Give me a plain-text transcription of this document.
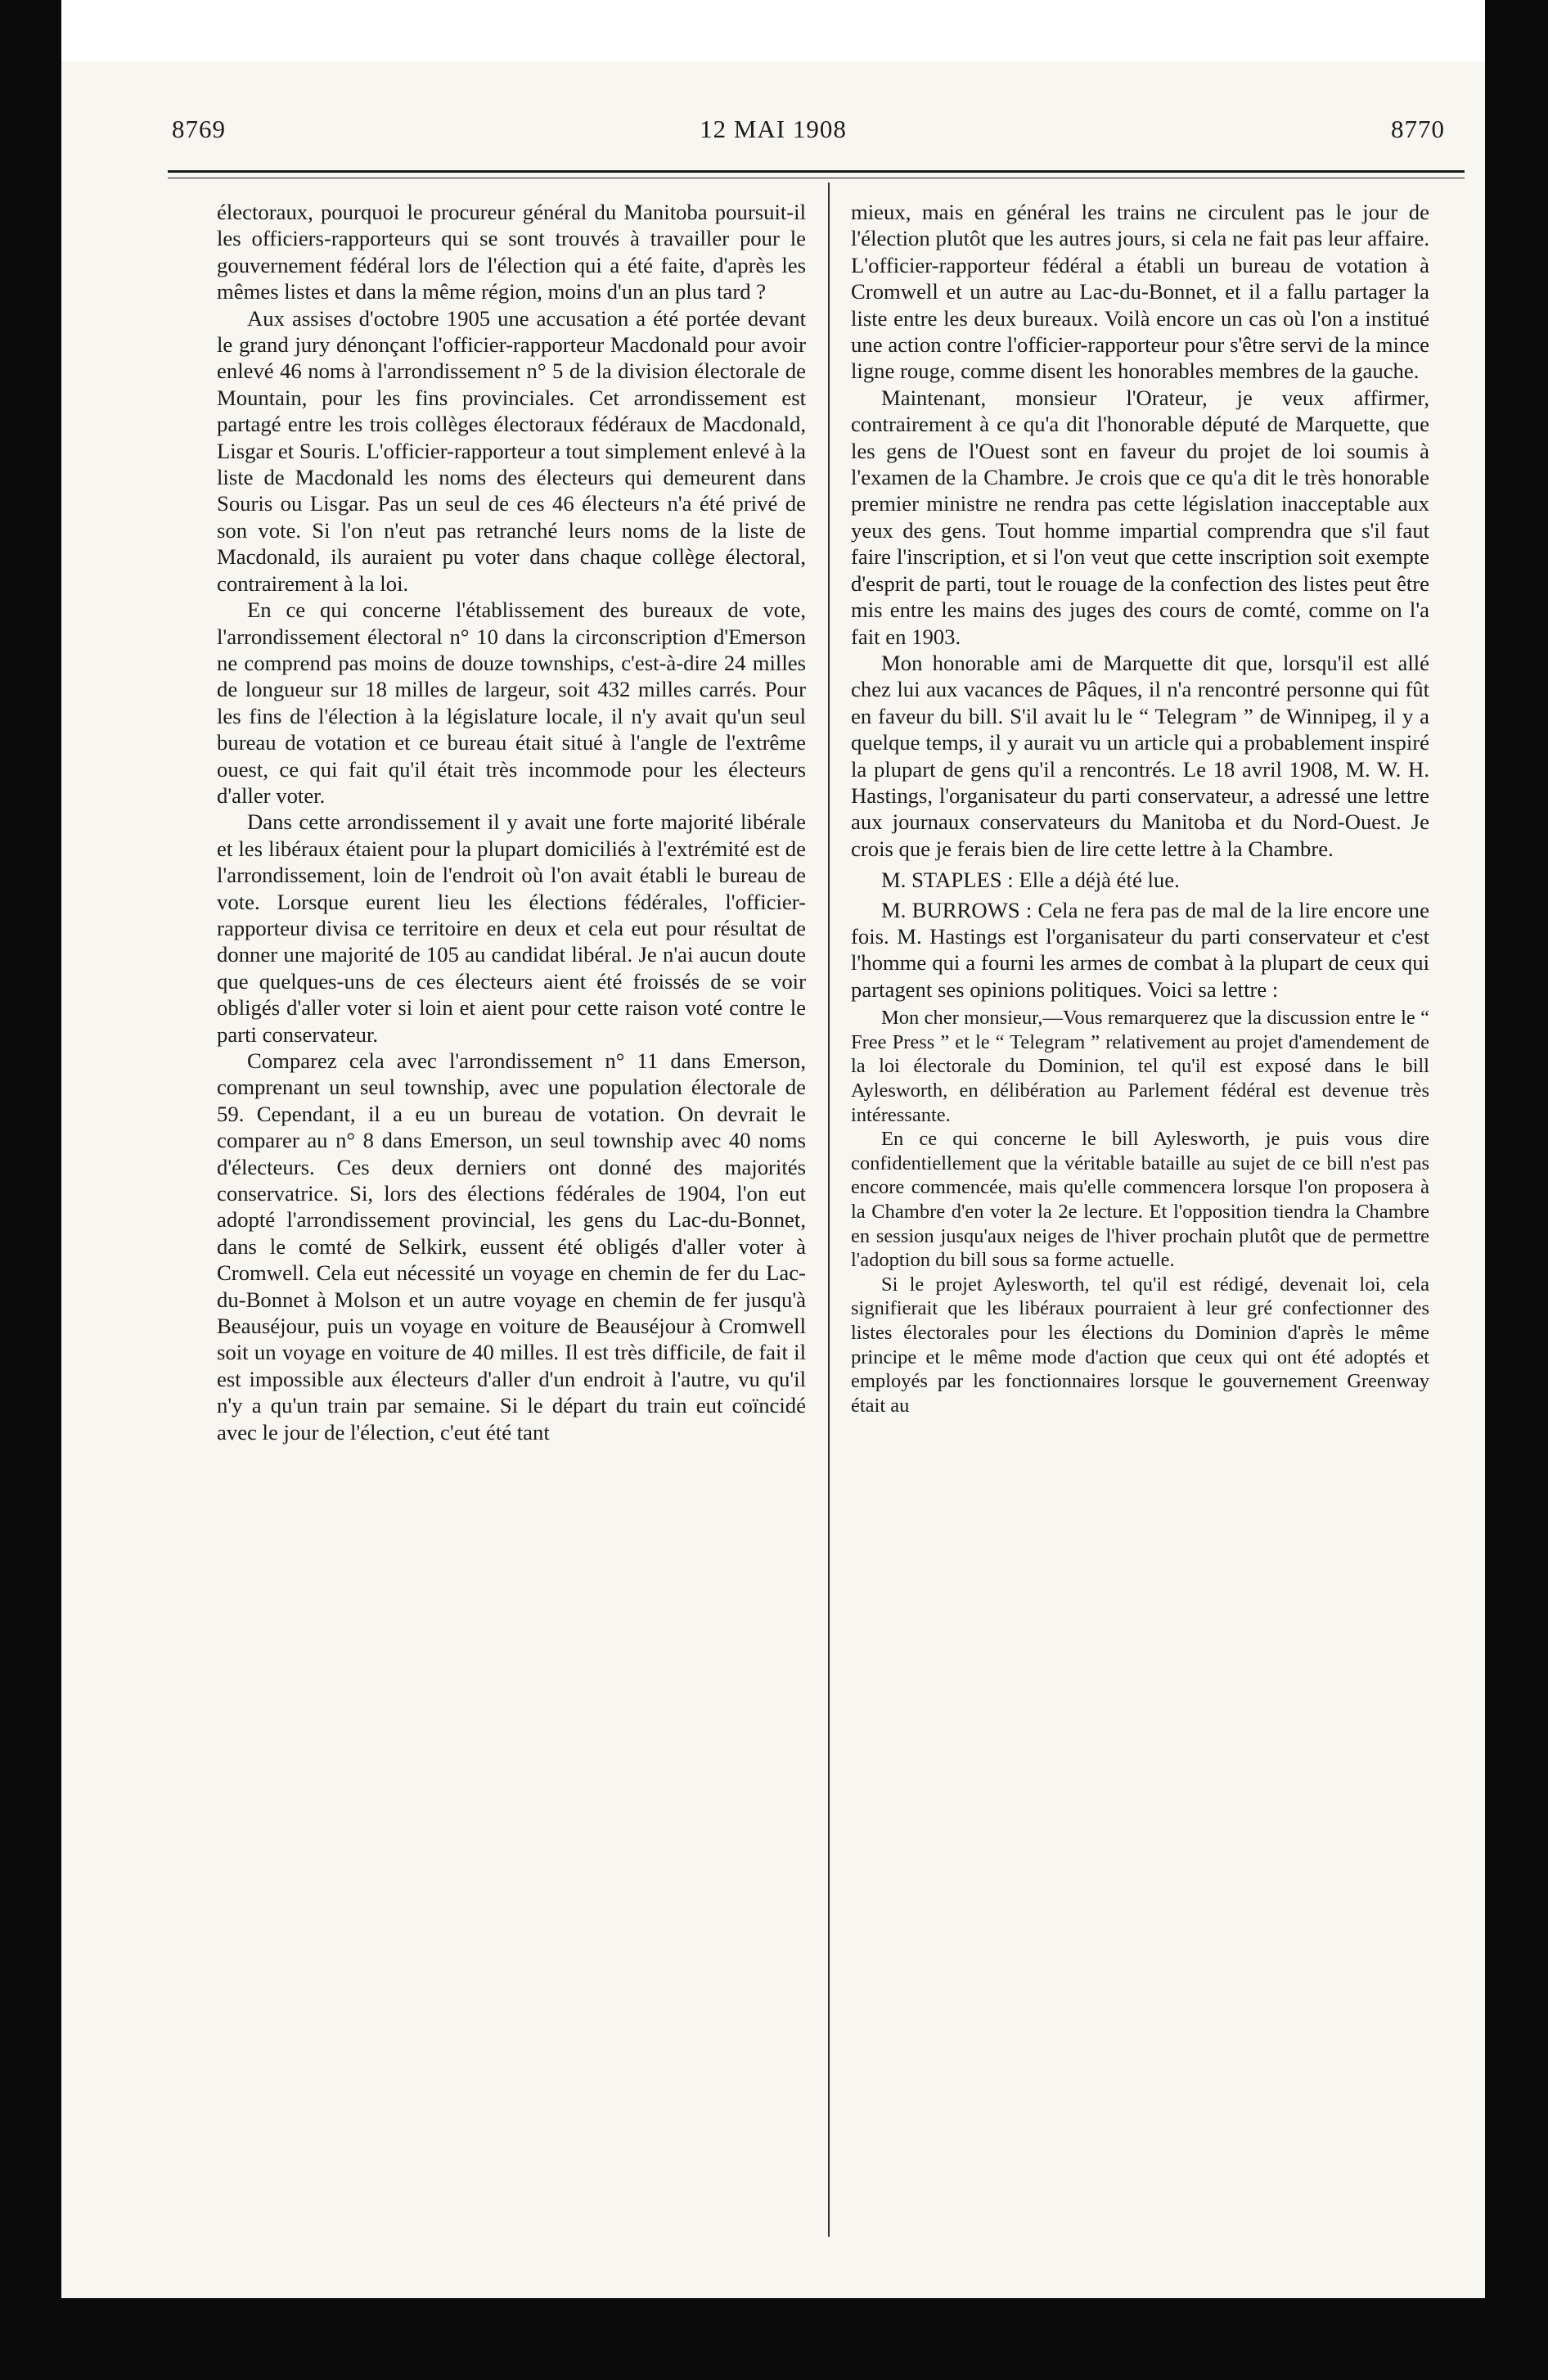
8769	12 MAI 1908	8770

électoraux, pourquoi le procureur général du Manitoba poursuit-il les officiers-rapporteurs qui se sont trouvés à travailler pour le gouvernement fédéral lors de l'élection qui a été faite, d'après les mêmes listes et dans la même région, moins d'un an plus tard ?

Aux assises d'octobre 1905 une accusation a été portée devant le grand jury dénonçant l'officier-rapporteur Macdonald pour avoir enlevé 46 noms à l'arrondissement n° 5 de la division électorale de Mountain, pour les fins provinciales. Cet arrondissement est partagé entre les trois collèges électoraux fédéraux de Macdonald, Lisgar et Souris. L'officier-rapporteur a tout simplement enlevé à la liste de Macdonald les noms des électeurs qui demeurent dans Souris ou Lisgar. Pas un seul de ces 46 électeurs n'a été privé de son vote. Si l'on n'eut pas retranché leurs noms de la liste de Macdonald, ils auraient pu voter dans chaque collège électoral, contrairement à la loi.

En ce qui concerne l'établissement des bureaux de vote, l'arrondissement électoral n° 10 dans la circonscription d'Emerson ne comprend pas moins de douze townships, c'est-à-dire 24 milles de longueur sur 18 milles de largeur, soit 432 milles carrés. Pour les fins de l'élection à la législature locale, il n'y avait qu'un seul bureau de votation et ce bureau était situé à l'angle de l'extrême ouest, ce qui fait qu'il était très incommode pour les électeurs d'aller voter.

Dans cette arrondissement il y avait une forte majorité libérale et les libéraux étaient pour la plupart domiciliés à l'extrémité est de l'arrondissement, loin de l'endroit où l'on avait établi le bureau de vote. Lorsque eurent lieu les élections fédérales, l'officier-rapporteur divisa ce territoire en deux et cela eut pour résultat de donner une majorité de 105 au candidat libéral. Je n'ai aucun doute que quelques-uns de ces électeurs aient été froissés de se voir obligés d'aller voter si loin et aient pour cette raison voté contre le parti conservateur.

Comparez cela avec l'arrondissement n° 11 dans Emerson, comprenant un seul township, avec une population électorale de 59. Cependant, il a eu un bureau de votation. On devrait le comparer au n° 8 dans Emerson, un seul township avec 40 noms d'électeurs. Ces deux derniers ont donné des majorités conservatrice. Si, lors des élections fédérales de 1904, l'on eut adopté l'arrondissement provincial, les gens du Lac-du-Bonnet, dans le comté de Selkirk, eussent été obligés d'aller voter à Cromwell. Cela eut nécessité un voyage en chemin de fer du Lac-du-Bonnet à Molson et un autre voyage en chemin de fer jusqu'à Beauséjour, puis un voyage en voiture de Beauséjour à Cromwell soit un voyage en voiture de 40 milles. Il est très difficile, de fait il est impossible aux électeurs d'aller d'un endroit à l'autre, vu qu'il n'y a qu'un train par semaine. Si le départ du train eut coïncidé avec le jour de l'élection, c'eut été tant

mieux, mais en général les trains ne circulent pas le jour de l'élection plutôt que les autres jours, si cela ne fait pas leur affaire. L'officier-rapporteur fédéral a établi un bureau de votation à Cromwell et un autre au Lac-du-Bonnet, et il a fallu partager la liste entre les deux bureaux. Voilà encore un cas où l'on a institué une action contre l'officier-rapporteur pour s'être servi de la mince ligne rouge, comme disent les honorables membres de la gauche.

Maintenant, monsieur l'Orateur, je veux affirmer, contrairement à ce qu'a dit l'honorable député de Marquette, que les gens de l'Ouest sont en faveur du projet de loi soumis à l'examen de la Chambre. Je crois que ce qu'a dit le très honorable premier ministre ne rendra pas cette législation inacceptable aux yeux des gens. Tout homme impartial comprendra que s'il faut faire l'inscription, et si l'on veut que cette inscription soit exempte d'esprit de parti, tout le rouage de la confection des listes peut être mis entre les mains des juges des cours de comté, comme on l'a fait en 1903.

Mon honorable ami de Marquette dit que, lorsqu'il est allé chez lui aux vacances de Pâques, il n'a rencontré personne qui fût en faveur du bill. S'il avait lu le “ Telegram ” de Winnipeg, il y a quelque temps, il y aurait vu un article qui a probablement inspiré la plupart de gens qu'il a rencontrés. Le 18 avril 1908, M. W. H. Hastings, l'organisateur du parti conservateur, a adressé une lettre aux journaux conservateurs du Manitoba et du Nord-Ouest. Je crois que je ferais bien de lire cette lettre à la Chambre.

M. STAPLES : Elle a déjà été lue.

M. BURROWS : Cela ne fera pas de mal de la lire encore une fois. M. Hastings est l'organisateur du parti conservateur et c'est l'homme qui a fourni les armes de combat à la plupart de ceux qui partagent ses opinions politiques. Voici sa lettre :

Mon cher monsieur,—Vous remarquerez que la discussion entre le “ Free Press ” et le “ Telegram ” relativement au projet d'amendement de la loi électorale du Dominion, tel qu'il est exposé dans le bill Aylesworth, en délibération au Parlement fédéral est devenue très intéressante.

En ce qui concerne le bill Aylesworth, je puis vous dire confidentiellement que la véritable bataille au sujet de ce bill n'est pas encore commencée, mais qu'elle commencera lorsque l'on proposera à la Chambre d'en voter la 2e lecture. Et l'opposition tiendra la Chambre en session jusqu'aux neiges de l'hiver prochain plutôt que de permettre l'adoption du bill sous sa forme actuelle.

Si le projet Aylesworth, tel qu'il est rédigé, devenait loi, cela signifierait que les libéraux pourraient à leur gré confectionner des listes électorales pour les élections du Dominion d'après le même principe et le même mode d'action que ceux qui ont été adoptés et employés par les fonctionnaires lorsque le gouvernement Greenway était au
